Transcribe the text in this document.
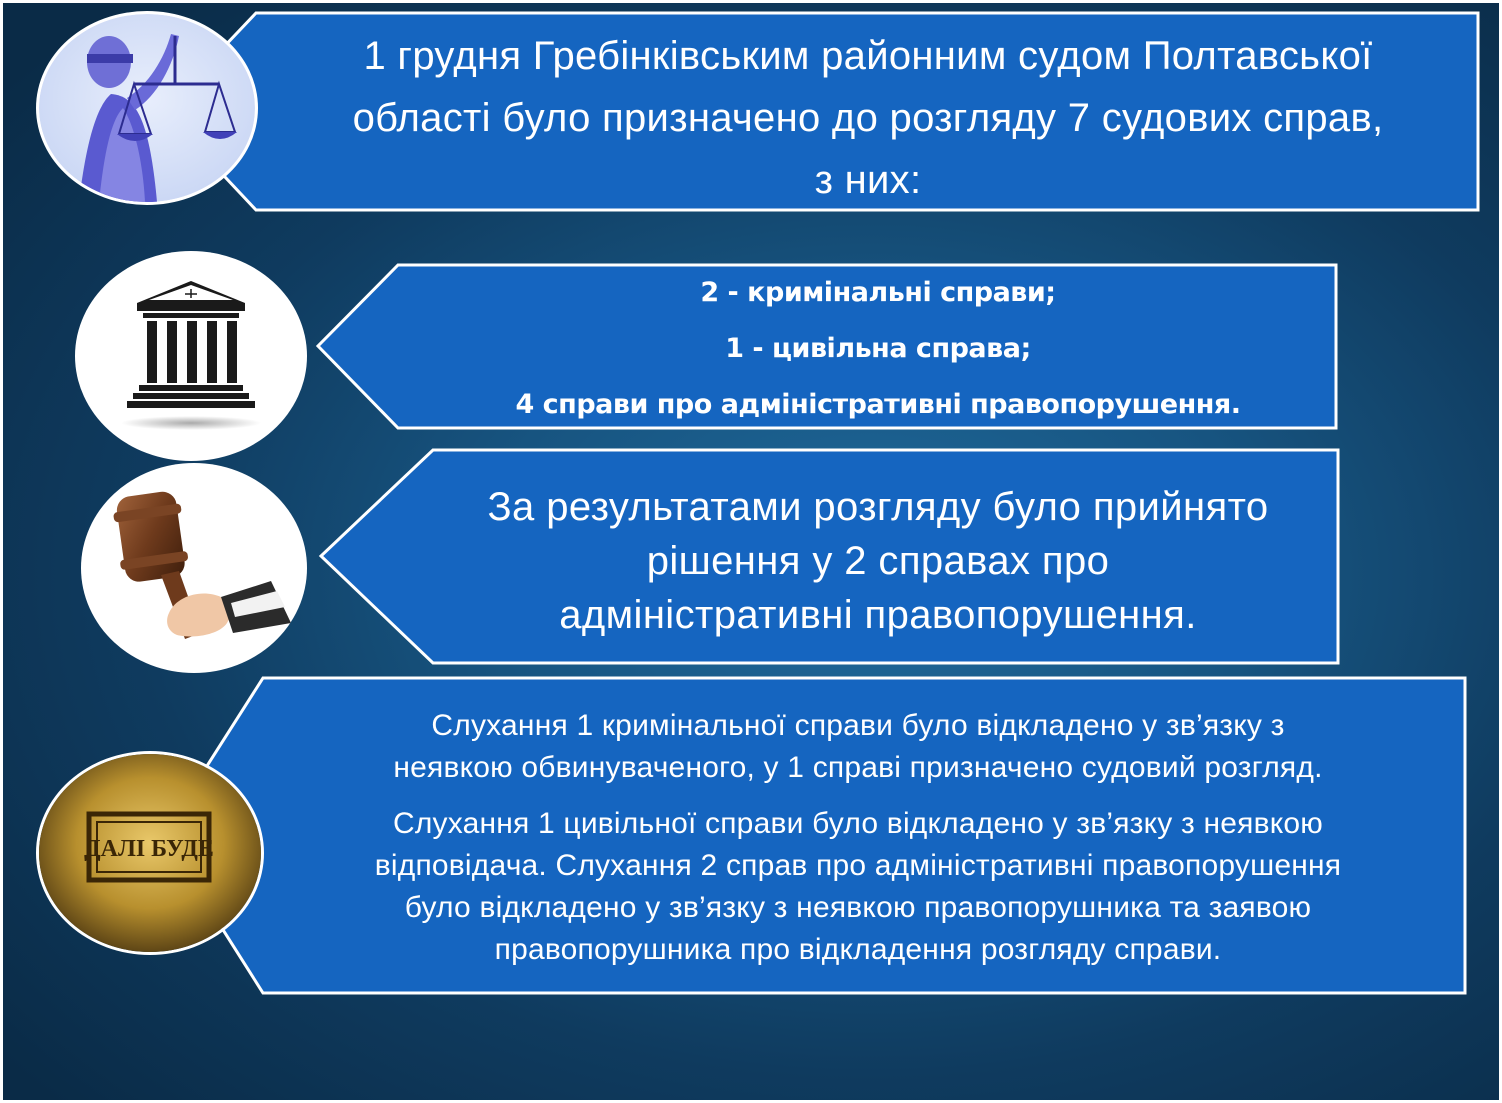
ДАЛІ БУДЕ
1 грудня Гребінківським районним судом Полтавської
області було призначено до розгляду 7 судових справ,
з них:
2 - кримінальні справи;
1 - цивільна справа;
4 справи про адміністративні правопорушення.
За результатами розгляду було прийнято
рішення у 2 справах про
адміністративні правопорушення.

Слухання 1 кримінальної справи було відкладено у зв’язку з
неявкою обвинуваченого, у 1 справі призначено судовий розгляд.

Слухання 1 цивільної справи було відкладено у зв’язку з неявкою
відповідача. Слухання 2 справ про адміністративні правопорушення
було відкладено у зв’язку з неявкою правопорушника та заявою
правопорушника про відкладення розгляду справи.
